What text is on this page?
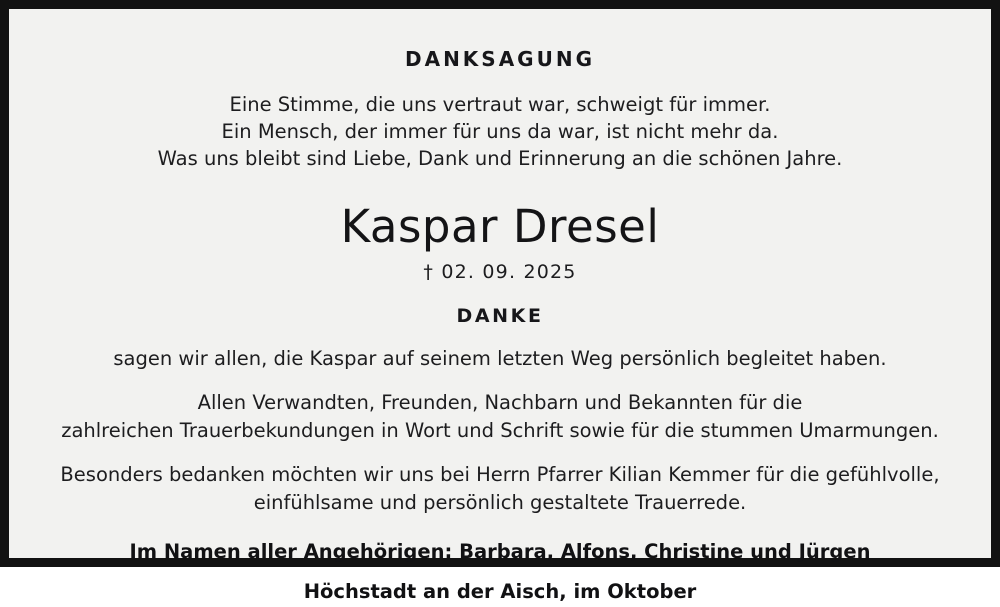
DANKSAGUNG
Eine Stimme, die uns vertraut war, schweigt für immer.
Ein Mensch, der immer für uns da war, ist nicht mehr da.
Was uns bleibt sind Liebe, Dank und Erinnerung an die schönen Jahre.
Kaspar Dresel
† 02. 09. 2025
DANKE
sagen wir allen, die Kaspar auf seinem letzten Weg persönlich begleitet haben.
Allen Verwandten, Freunden, Nachbarn und Bekannten für die
zahlreichen Trauerbekundungen in Wort und Schrift sowie für die stummen Umarmungen.
Besonders bedanken möchten wir uns bei Herrn Pfarrer Kilian Kemmer für die gefühlvolle,
einfühlsame und persönlich gestaltete Trauerrede.
Im Namen aller Angehörigen: Barbara, Alfons, Christine und Jürgen
Höchstadt an der Aisch, im Oktober
